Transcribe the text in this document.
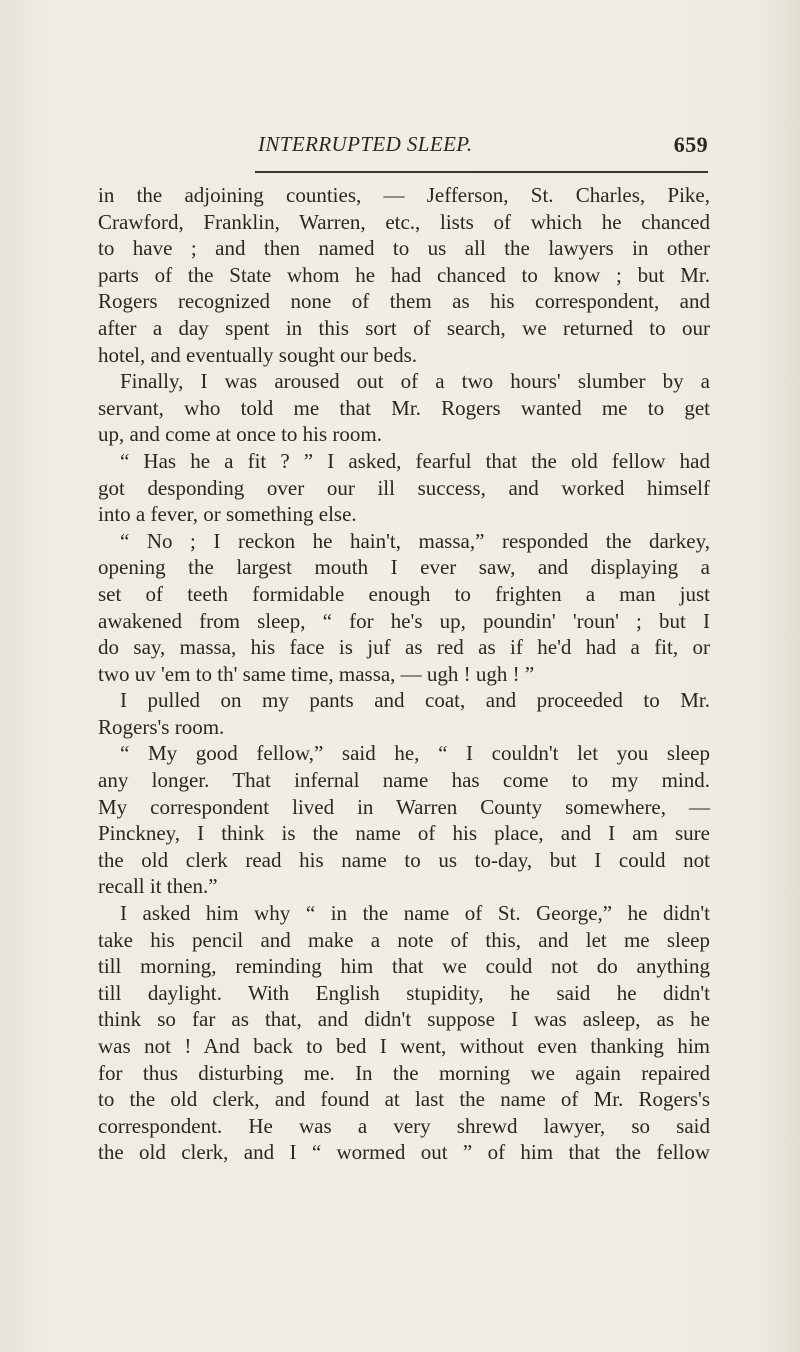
INTERRUPTED SLEEP.	659
in the adjoining counties, — Jefferson, St. Charles, Pike,
Crawford, Franklin, Warren, etc., lists of which he chanced
to have ; and then named to us all the lawyers in other
parts of the State whom he had chanced to know ; but Mr.
Rogers recognized none of them as his correspondent, and
after a day spent in this sort of search, we returned to our
hotel, and eventually sought our beds.
Finally, I was aroused out of a two hours' slumber by a
servant, who told me that Mr. Rogers wanted me to get
up, and come at once to his room.
“ Has he a fit ? ” I asked, fearful that the old fellow had
got desponding over our ill success, and worked himself
into a fever, or something else.
“ No ; I reckon he hain't, massa,” responded the darkey,
opening the largest mouth I ever saw, and displaying a
set of teeth formidable enough to frighten a man just
awakened from sleep, “ for he's up, poundin' 'roun' ; but I
do say, massa, his face is juf as red as if he'd had a fit, or
two uv 'em to th' same time, massa, — ugh ! ugh ! ”
I pulled on my pants and coat, and proceeded to Mr.
Rogers's room.
“ My good fellow,” said he, “ I couldn't let you sleep
any longer. That infernal name has come to my mind.
My correspondent lived in Warren County somewhere, —
Pinckney, I think is the name of his place, and I am sure
the old clerk read his name to us to-day, but I could not
recall it then.”
I asked him why “ in the name of St. George,” he didn't
take his pencil and make a note of this, and let me sleep
till morning, reminding him that we could not do anything
till daylight. With English stupidity, he said he didn't
think so far as that, and didn't suppose I was asleep, as he
was not ! And back to bed I went, without even thanking him
for thus disturbing me. In the morning we again repaired
to the old clerk, and found at last the name of Mr. Rogers's
correspondent. He was a very shrewd lawyer, so said
the old clerk, and I “ wormed out ” of him that the fellow
